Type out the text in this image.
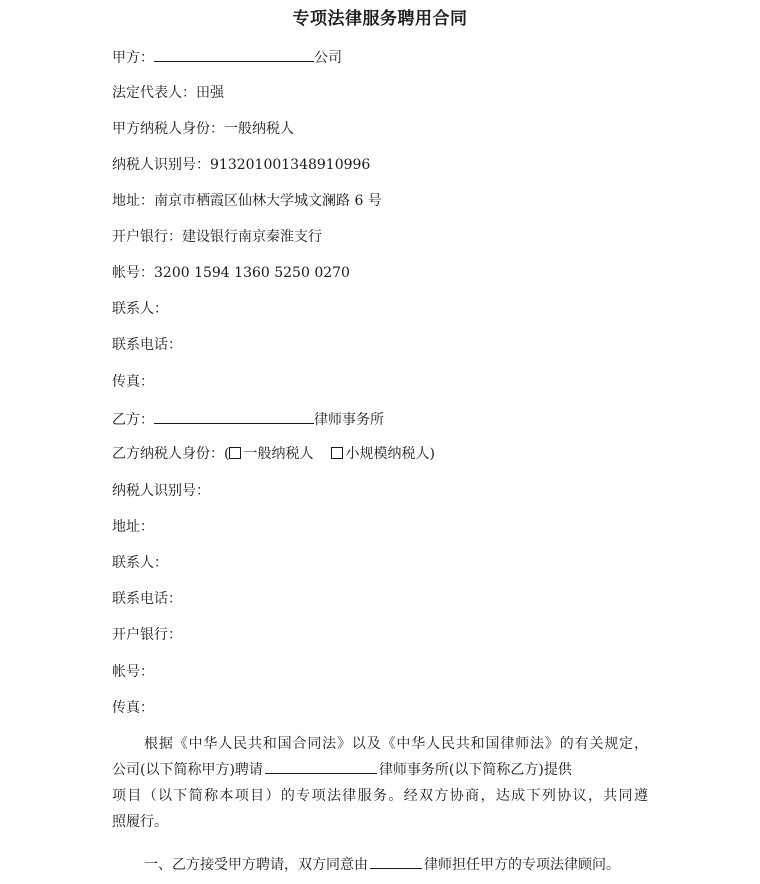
专项法律服务聘用合同
甲方：	公司
法定代表人：田强
甲方纳税人身份：一般纳税人
纳税人识别号：913201001348910996
地址：南京市栖霞区仙林大学城文澜路 6 号
开户银行：建设银行南京秦淮支行
帐号：3200 1594 1360 5250 0270
联系人：
联系电话：
传真：
乙方：	律师事务所
乙方纳税人身份：( 一般纳税人 小规模纳税人)
纳税人识别号：
地址：
联系人：
联系电话：
开户银行：
帐号：
传真：
根据《中华人民共和国合同法》以及《中华人民共和国律师法》的有关规定，
公司(以下简称甲方)聘请	律师事务所(以下简称乙方)提供
项目（以下简称本项目）的专项法律服务。经双方协商，达成下列协议，共同遵
照履行。
一、乙方接受甲方聘请，双方同意由	律师担任甲方的专项法律顾问。
